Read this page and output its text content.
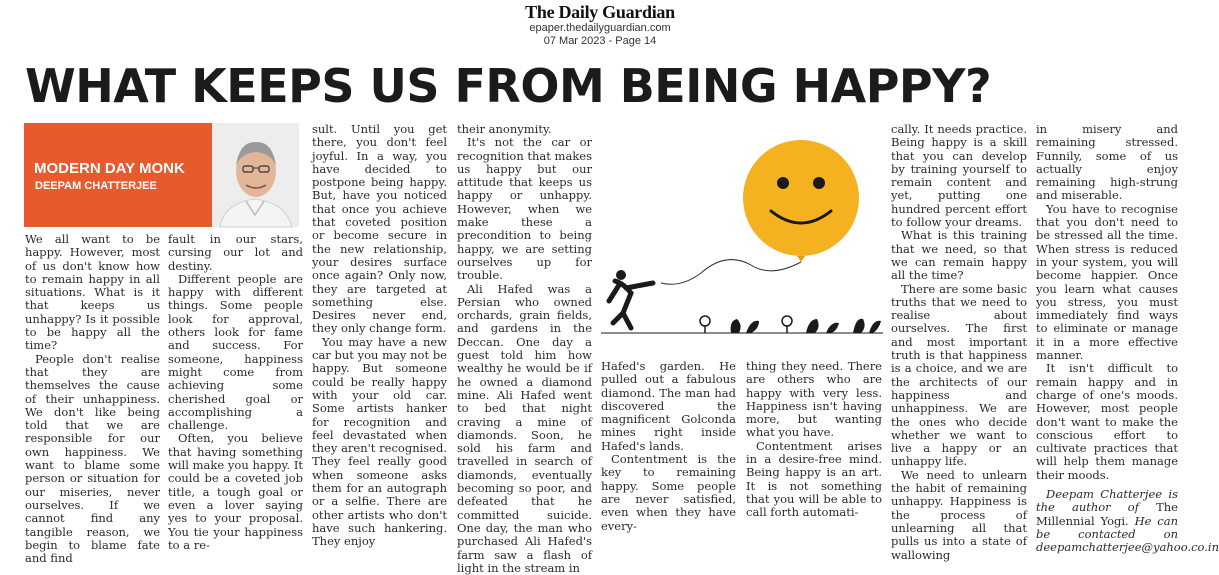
The Daily Guardian
epaper.thedailyguardian.com
07 Mar 2023 - Page 14
WHAT KEEPS US FROM BEING HAPPY?
MODERN DAY MONK
DEEPAM CHATTERJEE

We all want to be happy. However, most of us don't know how to remain happy in all situations. What is it that keeps us unhappy? Is it possible to be happy all the time?

People don't realise that they are themselves the cause of their unhappiness. We don't like being told that we are responsible for our own happiness. We want to blame some person or situation for our miseries, never ourselves. If we cannot find any tangible reason, we begin to blame fate and find

fault in our stars, cursing our lot and destiny.

Different people are happy with different things. Some people look for approval, others look for fame and success. For someone, happiness might come from achieving some cherished goal or accomplishing a challenge.

Often, you believe that having something will make you happy. It could be a coveted job title, a tough goal or even a lover saying yes to your proposal. You tie your happiness to a re-

sult. Until you get there, you don't feel joyful. In a way, you have decided to postpone being happy. But, have you noticed that once you achieve that coveted position or become secure in the new relationship, your desires surface once again? Only now, they are targeted at something else. Desires never end, they only change form.

You may have a new car but you may not be happy. But someone could be really happy with your old car. Some artists hanker for recognition and feel devastated when they aren't recognised. They feel really good when someone asks them for an autograph or a selfie. There are other artists who don't have such hankering. They enjoy

their anonymity.

It's not the car or recognition that makes us happy but our attitude that keeps us happy or unhappy. However, when we make these a precondition to being happy, we are setting ourselves up for trouble.

Ali Hafed was a Persian who owned orchards, grain fields, and gardens in the Deccan. One day a guest told him how wealthy he would be if he owned a diamond mine. Ali Hafed went to bed that night craving a mine of diamonds. Soon, he sold his farm and travelled in search of diamonds, eventually becoming so poor, and defeated that he committed suicide. One day, the man who purchased Ali Hafed's farm saw a flash of light in the stream in

Hafed's garden. He pulled out a fabulous diamond. The man had discovered the magnificent Golconda mines right inside Hafed's lands.

Contentment is the key to remaining happy. Some people are never satisfied, even when they have every-

thing they need. There are others who are happy with very less. Happiness isn't having more, but wanting what you have.

Contentment arises in a desire-free mind. Being happy is an art. It is not something that you will be able to call forth automati-

cally. It needs practice. Being happy is a skill that you can develop by training yourself to remain content and yet, putting one hundred percent effort to follow your dreams.

What is this training that we need, so that we can remain happy all the time?

There are some basic truths that we need to realise about ourselves. The first and most important truth is that happiness is a choice, and we are the architects of our happiness and unhappiness. We are the ones who decide whether we want to live a happy or an unhappy life.

We need to unlearn the habit of remaining unhappy. Happiness is the process of unlearning all that pulls us into a state of wallowing

in misery and remaining stressed. Funnily, some of us actually enjoy remaining high-strung and miserable.

You have to recognise that you don't need to be stressed all the time. When stress is reduced in your system, you will become happier. Once you learn what causes you stress, you must immediately find ways to eliminate or manage it in a more effective manner.

It isn't difficult to remain happy and in charge of one's moods. However, most people don't want to make the conscious effort to cultivate practices that will help them manage their moods.

Deepam Chatterjee is the author of The Millennial Yogi. He can be contacted on deepamchatterjee@yahoo.co.in
